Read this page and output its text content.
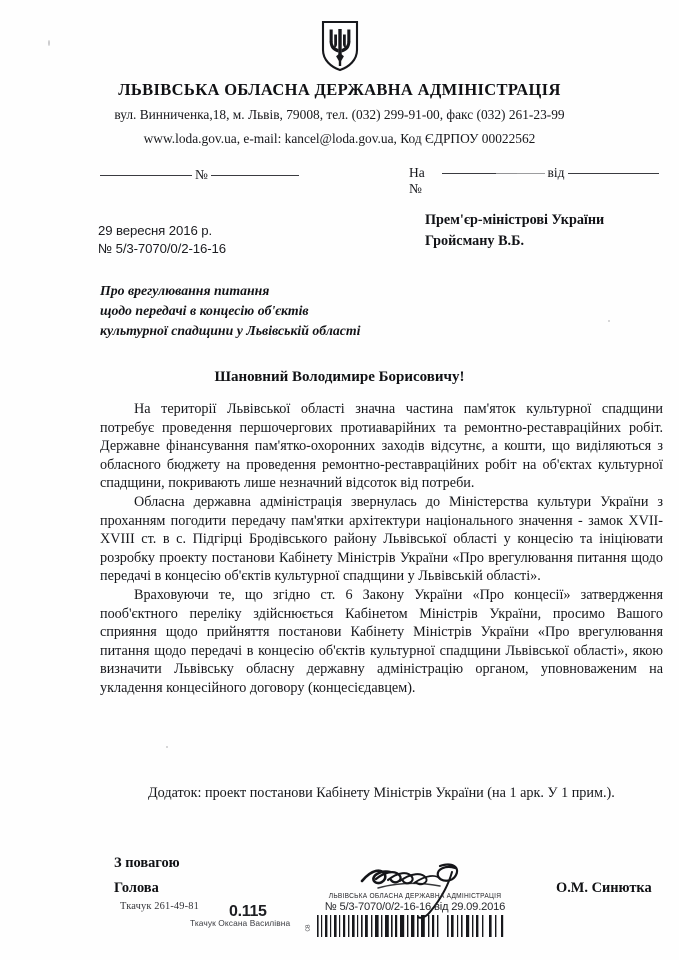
ЛЬВІВСЬКА ОБЛАСНА ДЕРЖАВНА АДМІНІСТРАЦІЯ
вул. Винниченка,18, м. Львів, 79008, тел. (032) 299-91-00, факс (032) 261-23-99
www.loda.gov.ua, e-mail: kancel@loda.gov.ua, Код ЄДРПОУ 00022562
№	На №
від
29 вересня 2016 р.
№ 5/3-7070/0/2-16-16
Прем'єр-міністрові України
Гройсману В.Б.
Про врегулювання питання
щодо передачі в концесію об'єктів
культурної спадщини у Львівській області
Шановний Володимире Борисовичу!

На території Львівської області значна частина пам'яток культурної спадщини потребує проведення першочергових протиаварійних та ремонтно-реставраційних робіт. Державне фінансування пам'ятко-охоронних заходів відсутнє, а кошти, що виділяються з обласного бюджету на проведення ремонтно-реставраційних робіт на об'єктах культурної спадщини, покривають лише незначний відсоток від потреби.

Обласна державна адміністрація звернулась до Міністерства культури України з проханням погодити передачу пам'ятки архітектури національного значення - замок XVII-XVIII ст. в с. Підгірці Бродівського району Львівської області у концесію та ініціювати розробку проекту постанови Кабінету Міністрів України «Про врегулювання питання щодо передачі в концесію об'єктів культурної спадщини у Львівській області».

Враховуючи те, що згідно ст. 6 Закону України «Про концесії» затвердження пооб'єктного переліку здійснюється Кабінетом Міністрів України, просимо Вашого сприяння щодо прийняття постанови Кабінету Міністрів України «Про врегулювання питання щодо передачі в концесію об'єктів культурної спадщини Львівської області», якою визначити Львівську обласну державну адміністрацію органом, уповноваженим на укладення концесійного договору (концесієдавцем).

Додаток: проект постанови Кабінету Міністрів України (на 1 арк. У 1 прим.).
З повагою
Голова	О.М. Синютка
ЛЬВІВСЬКА ОБЛАСНА ДЕРЖАВНА АДМІНІСТРАЦІЯ
№ 5/3-7070/0/2-16-16 від 29.09.2016
СВ
Ткачук 261-49-81 0.115
Ткачук Оксана Василівна
